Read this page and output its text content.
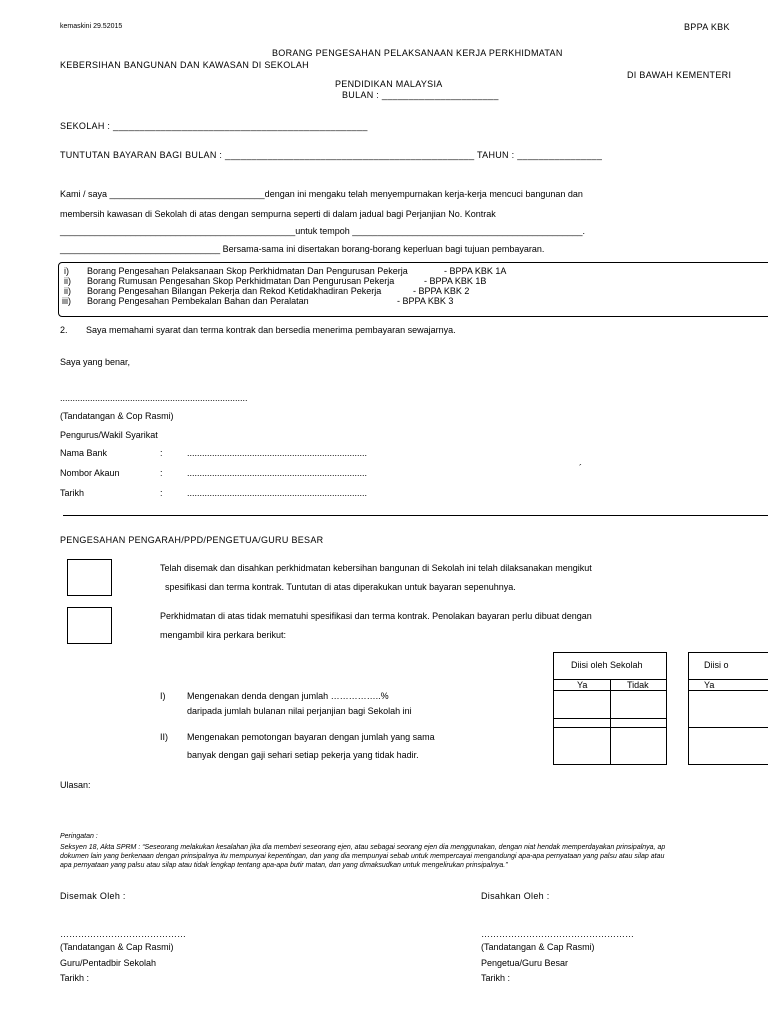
kemaskini 29.52015	BPPA KBK
BORANG PENGESAHAN PELAKSANAAN KERJA PERKHIDMATAN
KEBERSIHAN BANGUNAN DAN KAWASAN DI SEKOLAH
DI BAWAH KEMENTERI
PENDIDIKAN MALAYSIA
BULAN : ______________________
SEKOLAH : ________________________________________________
TUNTUTAN BAYARAN BAGI BULAN : _______________________________________________ TAHUN : ________________
Kami / saya _______________________________dengan ini mengaku telah menyempurnakan kerja-kerja mencuci bangunan dan
membersih kawasan di Sekolah di atas dengan sempurna seperti di dalam jadual bagi Perjanjian No. Kontrak
_______________________________________________untuk tempoh ______________________________________________.
________________________________ Bersama-sama ini disertakan borang-borang keperluan bagi tujuan pembayaran.
i) Borang Pengesahan Pelaksanaan Skop Perkhidmatan Dan Pengurusan Pekerja	- BPPA KBK 1A
ii) Borang Rumusan Pengesahan Skop Perkhidmatan Dan Pengurusan Pekerja	- BPPA KBK 1B
ii) Borang Pengesahan Bilangan Pekerja dan Rekod Ketidakhadiran Pekerja	- BPPA KBK 2
iii) Borang Pengesahan Pembekalan Bahan dan Peralatan	- BPPA KBK 3
2. Saya memahami syarat dan terma kontrak dan bersedia menerima pembayaran sewajarnya.
Saya yang benar,
...........................................................................
(Tandatangan & Cop Rasmi)
Pengurus/Wakil Syarikat
Nama Bank	:	........................................................................
Nombor Akaun	:	........................................................................
Tarikh	:	........................................................................
´
PENGESAHAN PENGARAH/PPD/PENGETUA/GURU BESAR
Telah disemak dan disahkan perkhidmatan kebersihan bangunan di Sekolah ini telah dilaksanakan mengikut
spesifikasi dan terma kontrak. Tuntutan di atas diperakukan untuk bayaran sepenuhnya.
Perkhidmatan di atas tidak mematuhi spesifikasi dan terma kontrak. Penolakan bayaran perlu dibuat dengan
mengambil kira perkara berikut:
I) Mengenakan denda dengan jumlah ……………..%
daripada jumlah bulanan nilai perjanjian bagi Sekolah ini
II) Mengenakan pemotongan bayaran dengan jumlah yang sama
banyak dengan gaji sehari setiap pekerja yang tidak hadir.
Diisi oleh Sekolah
Ya	Tidak
Diisi o
Ya
Ulasan:
Peringatan :
Seksyen 18, Akta SPRM : “Seseorang melakukan kesalahan jika dia memberi seseorang ejen, atau sebagai seorang ejen dia menggunakan, dengan niat hendak memperdayakan prinsipalnya, ap
dokumen lain yang berkenaan dengan prinsipalnya itu mempunyai kepentingan, dan yang dia mempunyai sebab untuk mempercayai mengandungi apa-apa pernyataan yang palsu atau silap atau
apa pernyataan yang palsu atau silap atau tidak lengkap tentang apa-apa butir matan, dan yang dimaksudkan untuk mengelirukan prinsipalnya.”
Disemak Oleh :
……………………………………
(Tandatangan & Cap Rasmi)
Guru/Pentadbir Sekolah
Tarikh :
Disahkan Oleh :
……………………………………………
(Tandatangan & Cap Rasmi)
Pengetua/Guru Besar
Tarikh :
